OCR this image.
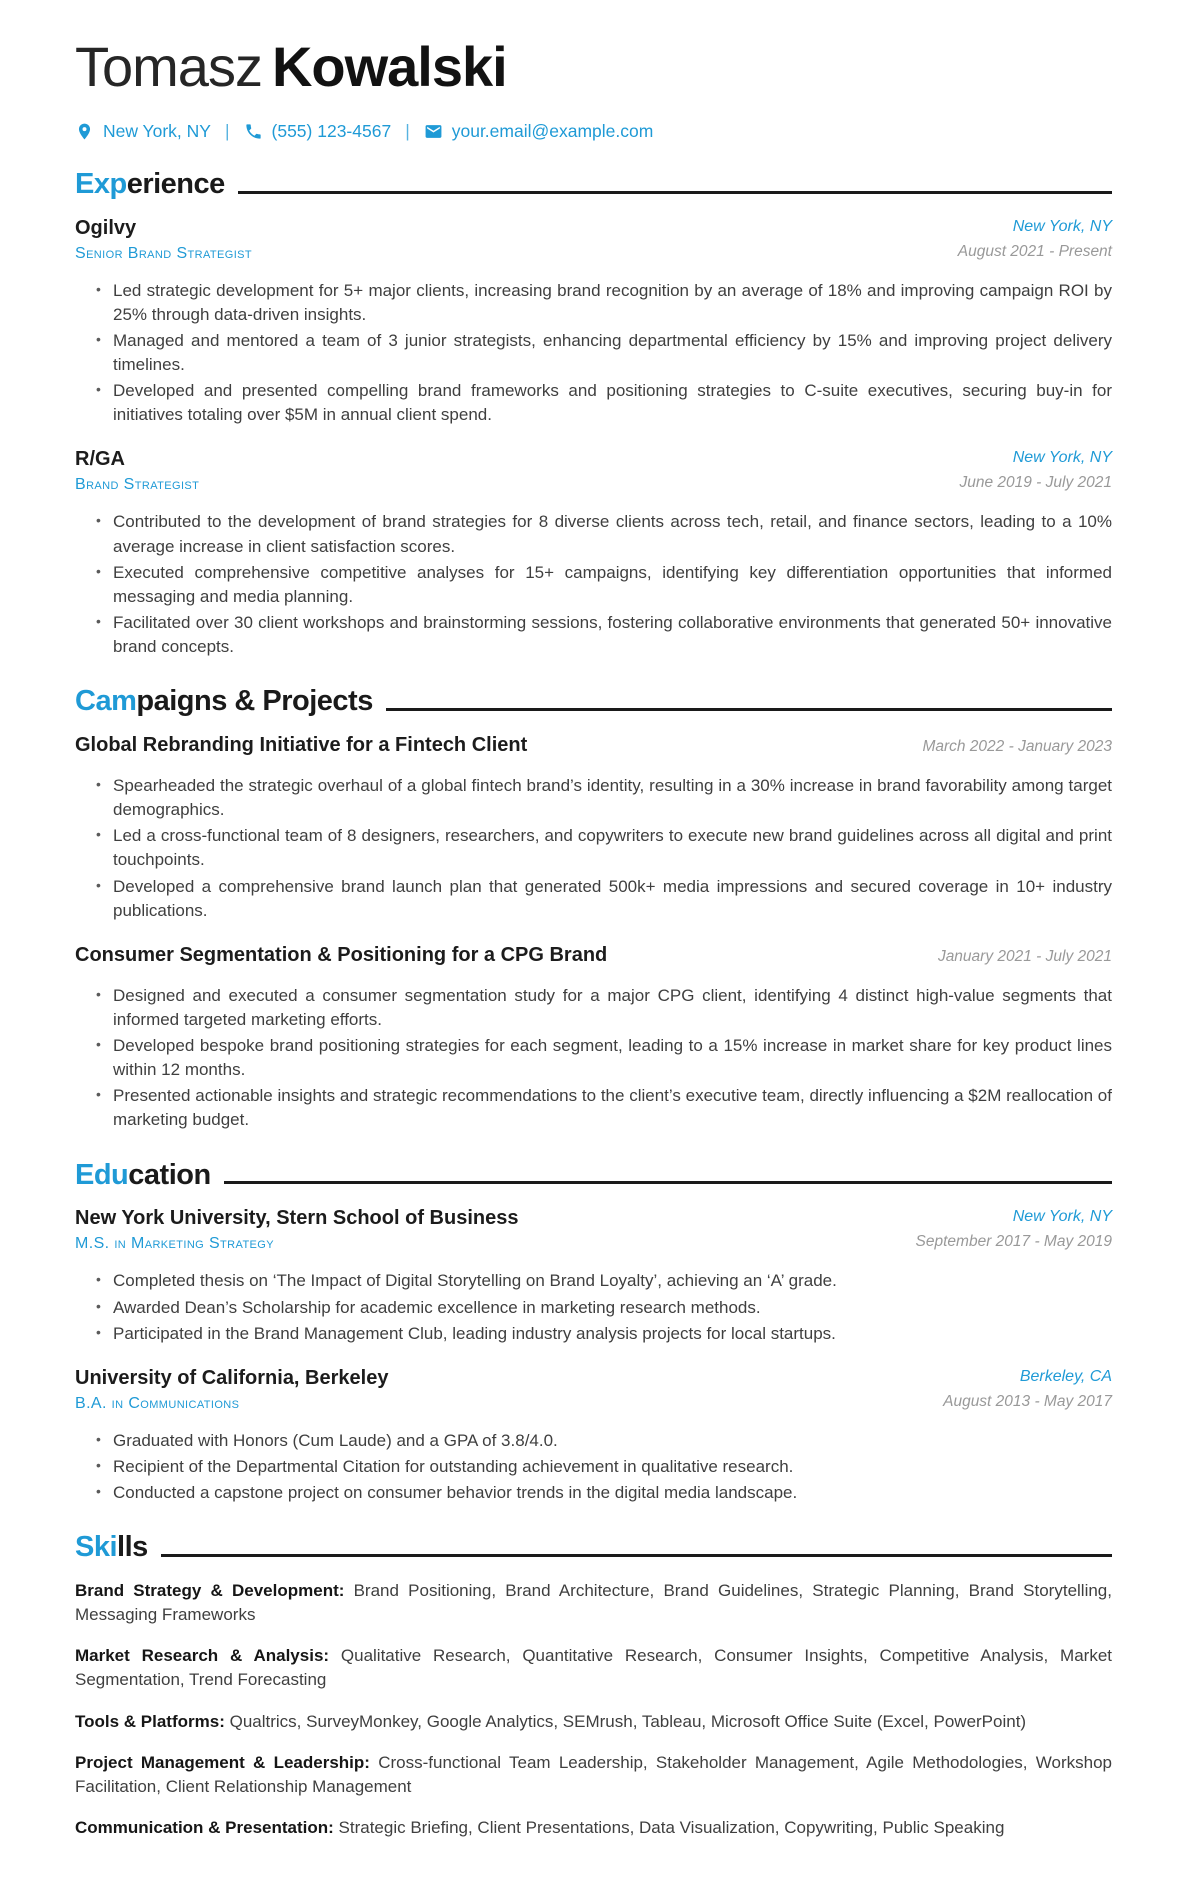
Tomasz Kowalski
New York, NY | (555) 123-4567 | your.email@example.com
Experience
Ogilvy
Senior Brand Strategist
New York, NY
August 2021 - Present
• Led strategic development for 5+ major clients, increasing brand recognition by an average of 18% and improving campaign ROI by 25% through data-driven insights.
• Managed and mentored a team of 3 junior strategists, enhancing departmental efficiency by 15% and improving project delivery timelines.
• Developed and presented compelling brand frameworks and positioning strategies to C-suite executives, securing buy-in for initiatives totaling over $5M in annual client spend.
R/GA
Brand Strategist
New York, NY
June 2019 - July 2021
• Contributed to the development of brand strategies for 8 diverse clients across tech, retail, and finance sectors, leading to a 10% average increase in client satisfaction scores.
• Executed comprehensive competitive analyses for 15+ campaigns, identifying key differentiation opportunities that informed messaging and media planning.
• Facilitated over 30 client workshops and brainstorming sessions, fostering collaborative environments that generated 50+ innovative brand concepts.
Campaigns & Projects
Global Rebranding Initiative for a Fintech Client	March 2022 - January 2023
• Spearheaded the strategic overhaul of a global fintech brand’s identity, resulting in a 30% increase in brand favorability among target demographics.
• Led a cross-functional team of 8 designers, researchers, and copywriters to execute new brand guidelines across all digital and print touchpoints.
• Developed a comprehensive brand launch plan that generated 500k+ media impressions and secured coverage in 10+ industry publications.
Consumer Segmentation & Positioning for a CPG Brand	January 2021 - July 2021
• Designed and executed a consumer segmentation study for a major CPG client, identifying 4 distinct high-value segments that informed targeted marketing efforts.
• Developed bespoke brand positioning strategies for each segment, leading to a 15% increase in market share for key product lines within 12 months.
• Presented actionable insights and strategic recommendations to the client’s executive team, directly influencing a $2M reallocation of marketing budget.
Education
New York University, Stern School of Business
M.S. in Marketing Strategy
New York, NY
September 2017 - May 2019
• Completed thesis on ‘The Impact of Digital Storytelling on Brand Loyalty’, achieving an ‘A’ grade.
• Awarded Dean’s Scholarship for academic excellence in marketing research methods.
• Participated in the Brand Management Club, leading industry analysis projects for local startups.
University of California, Berkeley
B.A. in Communications
Berkeley, CA
August 2013 - May 2017
• Graduated with Honors (Cum Laude) and a GPA of 3.8/4.0.
• Recipient of the Departmental Citation for outstanding achievement in qualitative research.
• Conducted a capstone project on consumer behavior trends in the digital media landscape.
Skills
Brand Strategy & Development: Brand Positioning, Brand Architecture, Brand Guidelines, Strategic Planning, Brand Storytelling, Messaging Frameworks
Market Research & Analysis: Qualitative Research, Quantitative Research, Consumer Insights, Competitive Analysis, Market Segmentation, Trend Forecasting
Tools & Platforms: Qualtrics, SurveyMonkey, Google Analytics, SEMrush, Tableau, Microsoft Office Suite (Excel, PowerPoint)
Project Management & Leadership: Cross-functional Team Leadership, Stakeholder Management, Agile Methodologies, Workshop Facilitation, Client Relationship Management
Communication & Presentation: Strategic Briefing, Client Presentations, Data Visualization, Copywriting, Public Speaking
